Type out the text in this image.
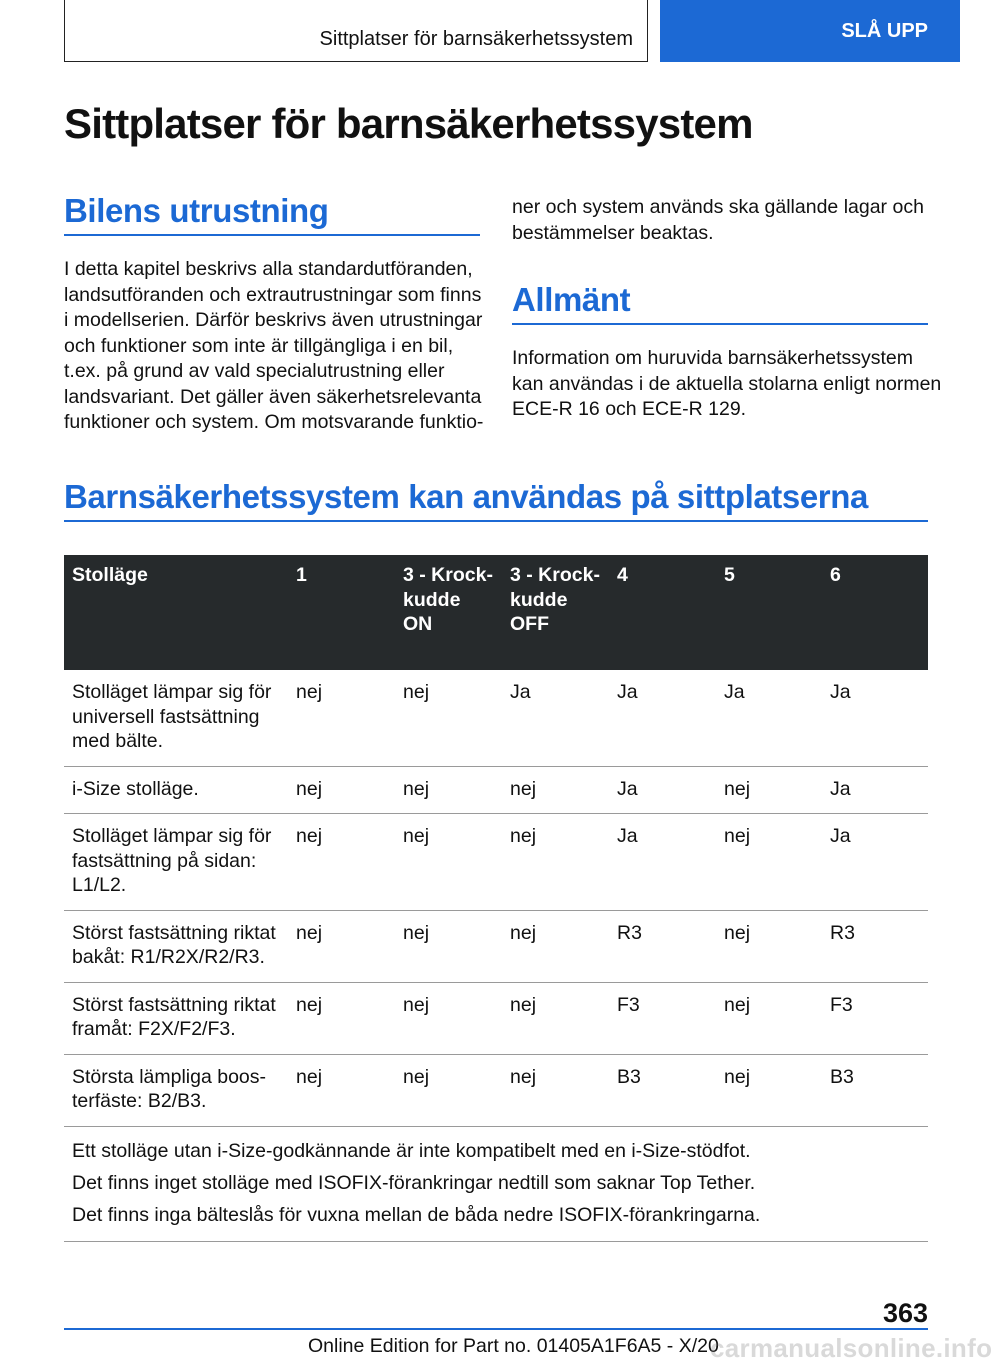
Sittplatser för barnsäkerhetssystem	SLÅ UPP
Sittplatser för barnsäkerhetssystem
Bilens utrustning
I detta kapitel beskrivs alla standardutföranden,
landsutföranden och extrautrustningar som finns
i modellserien. Därför beskrivs även utrustningar
och funktioner som inte är tillgängliga i en bil,
t.ex. på grund av vald specialutrustning eller
landsvariant. Det gäller även säkerhetsrelevanta
funktioner och system. Om motsvarande funktio-
ner och system används ska gällande lagar och
bestämmelser beaktas.
Allmänt
Information om huruvida barnsäkerhetssystem
kan användas i de aktuella stolarna enligt normen
ECE-R 16 och ECE-R 129.
Barnsäkerhetssystem kan användas på sittplatserna
Stolläge	1	3 - Krock- kudde ON	3 - Krock- kudde OFF	4	5	6
Stolläget lämpar sig för universell fastsättning med bälte.	nej	nej	Ja	Ja	Ja	Ja
i-Size stolläge.	nej	nej	nej	Ja	nej	Ja
Stolläget lämpar sig för fastsättning på sidan: L1/L2.	nej	nej	nej	Ja	nej	Ja
Störst fastsättning riktat bakåt: R1/R2X/R2/R3.	nej	nej	nej	R3	nej	R3
Störst fastsättning riktat framåt: F2X/F2/F3.	nej	nej	nej	F3	nej	F3
Största lämpliga boos- terfäste: B2/B3.	nej	nej	nej	B3	nej	B3

Ett stolläge utan i-Size-godkännande är inte kompatibelt med en i-Size-stödfot.
Det finns inget stolläge med ISOFIX-förankringar nedtill som saknar Top Tether.
Det finns inga bälteslås för vuxna mellan de båda nedre ISOFIX-förankringarna.						
363
Online Edition for Part no. 01405A1F6A5 - X/20
carmanualsonline.info
